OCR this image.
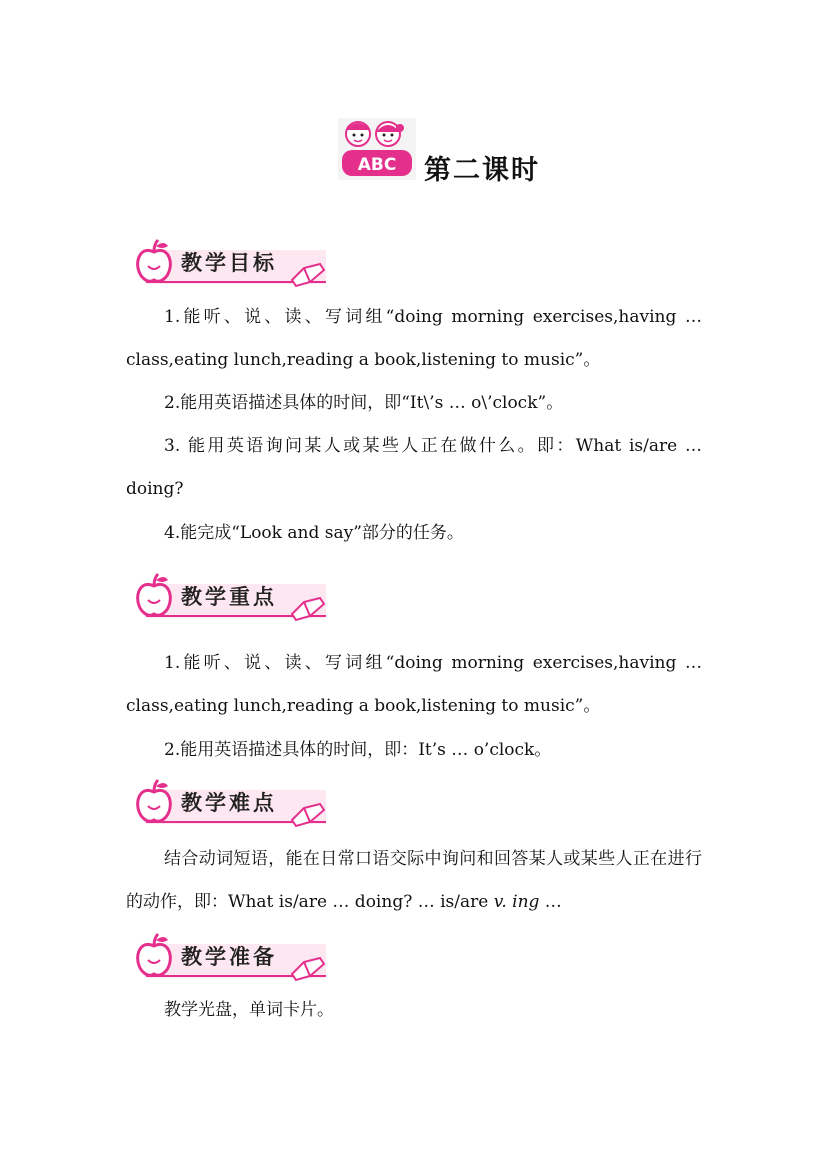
ABC 第二课时
教学目标

1.能听、说、读、写词组“doing morning exercises,having … class,eating lunch,reading a book,listening to music”。

2.能用英语描述具体的时间，即“It\’s … o\’clock”。

3. 能用英语询问某人或某些人正在做什么。即：What is/are … doing?

4.能完成“Look and say”部分的任务。

教学重点

1.能听、说、读、写词组“doing morning exercises,having … class,eating lunch,reading a book,listening to music”。

2.能用英语描述具体的时间，即：It’s … o’clock。

教学难点

结合动词短语，能在日常口语交际中询问和回答某人或某些人正在进行的动作，即：What is/are … doing? … is/are v. ing …

教学准备

教学光盘，单词卡片。
